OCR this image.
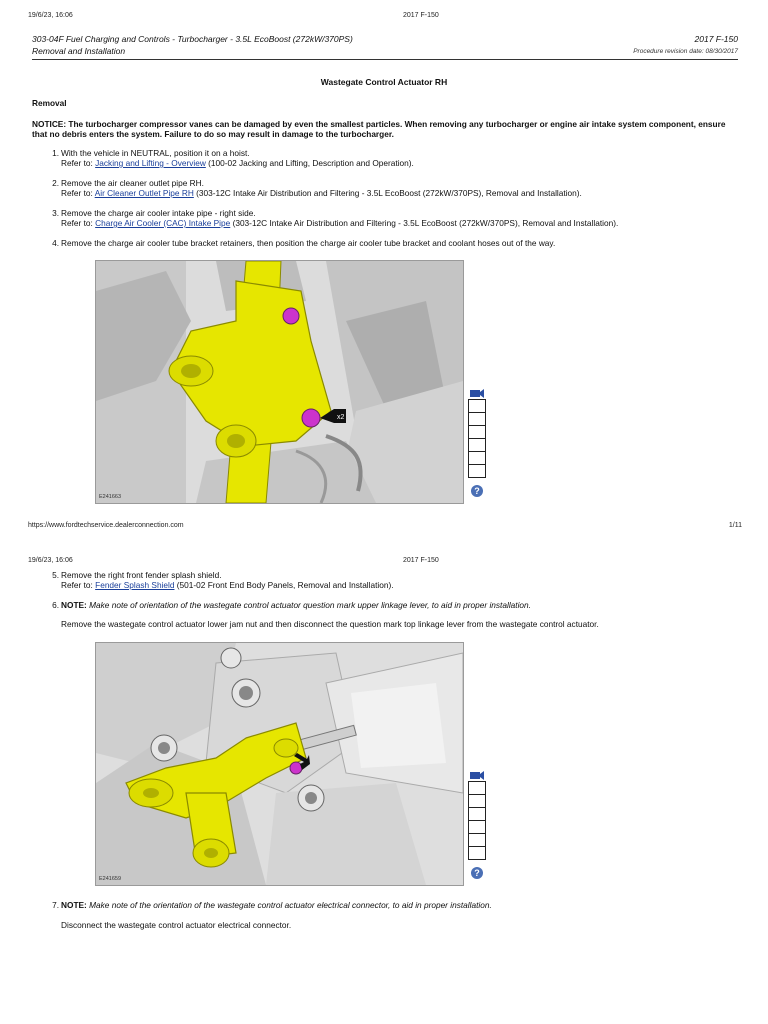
19/6/23, 16:06	2017 F-150
303-04F Fuel Charging and Controls - Turbocharger - 3.5L EcoBoost (272kW/370PS)
Removal and Installation
2017 F-150
Procedure revision date: 08/30/2017
Wastegate Control Actuator RH
Removal
NOTICE: The turbocharger compressor vanes can be damaged by even the smallest particles. When removing any turbocharger or engine air intake system component, ensure that no debris enters the system. Failure to do so may result in damage to the turbocharger.
1. With the vehicle in NEUTRAL, position it on a hoist.
Refer to: Jacking and Lifting - Overview (100-02 Jacking and Lifting, Description and Operation).
2. Remove the air cleaner outlet pipe RH.
Refer to: Air Cleaner Outlet Pipe RH (303-12C Intake Air Distribution and Filtering - 3.5L EcoBoost (272kW/370PS), Removal and Installation).
3. Remove the charge air cooler intake pipe - right side.
Refer to: Charge Air Cooler (CAC) Intake Pipe (303-12C Intake Air Distribution and Filtering - 3.5L EcoBoost (272kW/370PS), Removal and Installation).
4. Remove the charge air cooler tube bracket retainers, then position the charge air cooler tube bracket and coolant hoses out of the way.
x2
E241663
?
https://www.fordtechservice.dealerconnection.com	1/11
19/6/23, 16:06	2017 F-150
5. Remove the right front fender splash shield.
Refer to: Fender Splash Shield (501-02 Front End Body Panels, Removal and Installation).
6. NOTE: Make note of orientation of the wastegate control actuator question mark upper linkage lever, to aid in proper installation.
Remove the wastegate control actuator lower jam nut and then disconnect the question mark top linkage lever from the wastegate control actuator.
E241659
?
7. NOTE: Make note of the orientation of the wastegate control actuator electrical connector, to aid in proper installation.
Disconnect the wastegate control actuator electrical connector.
